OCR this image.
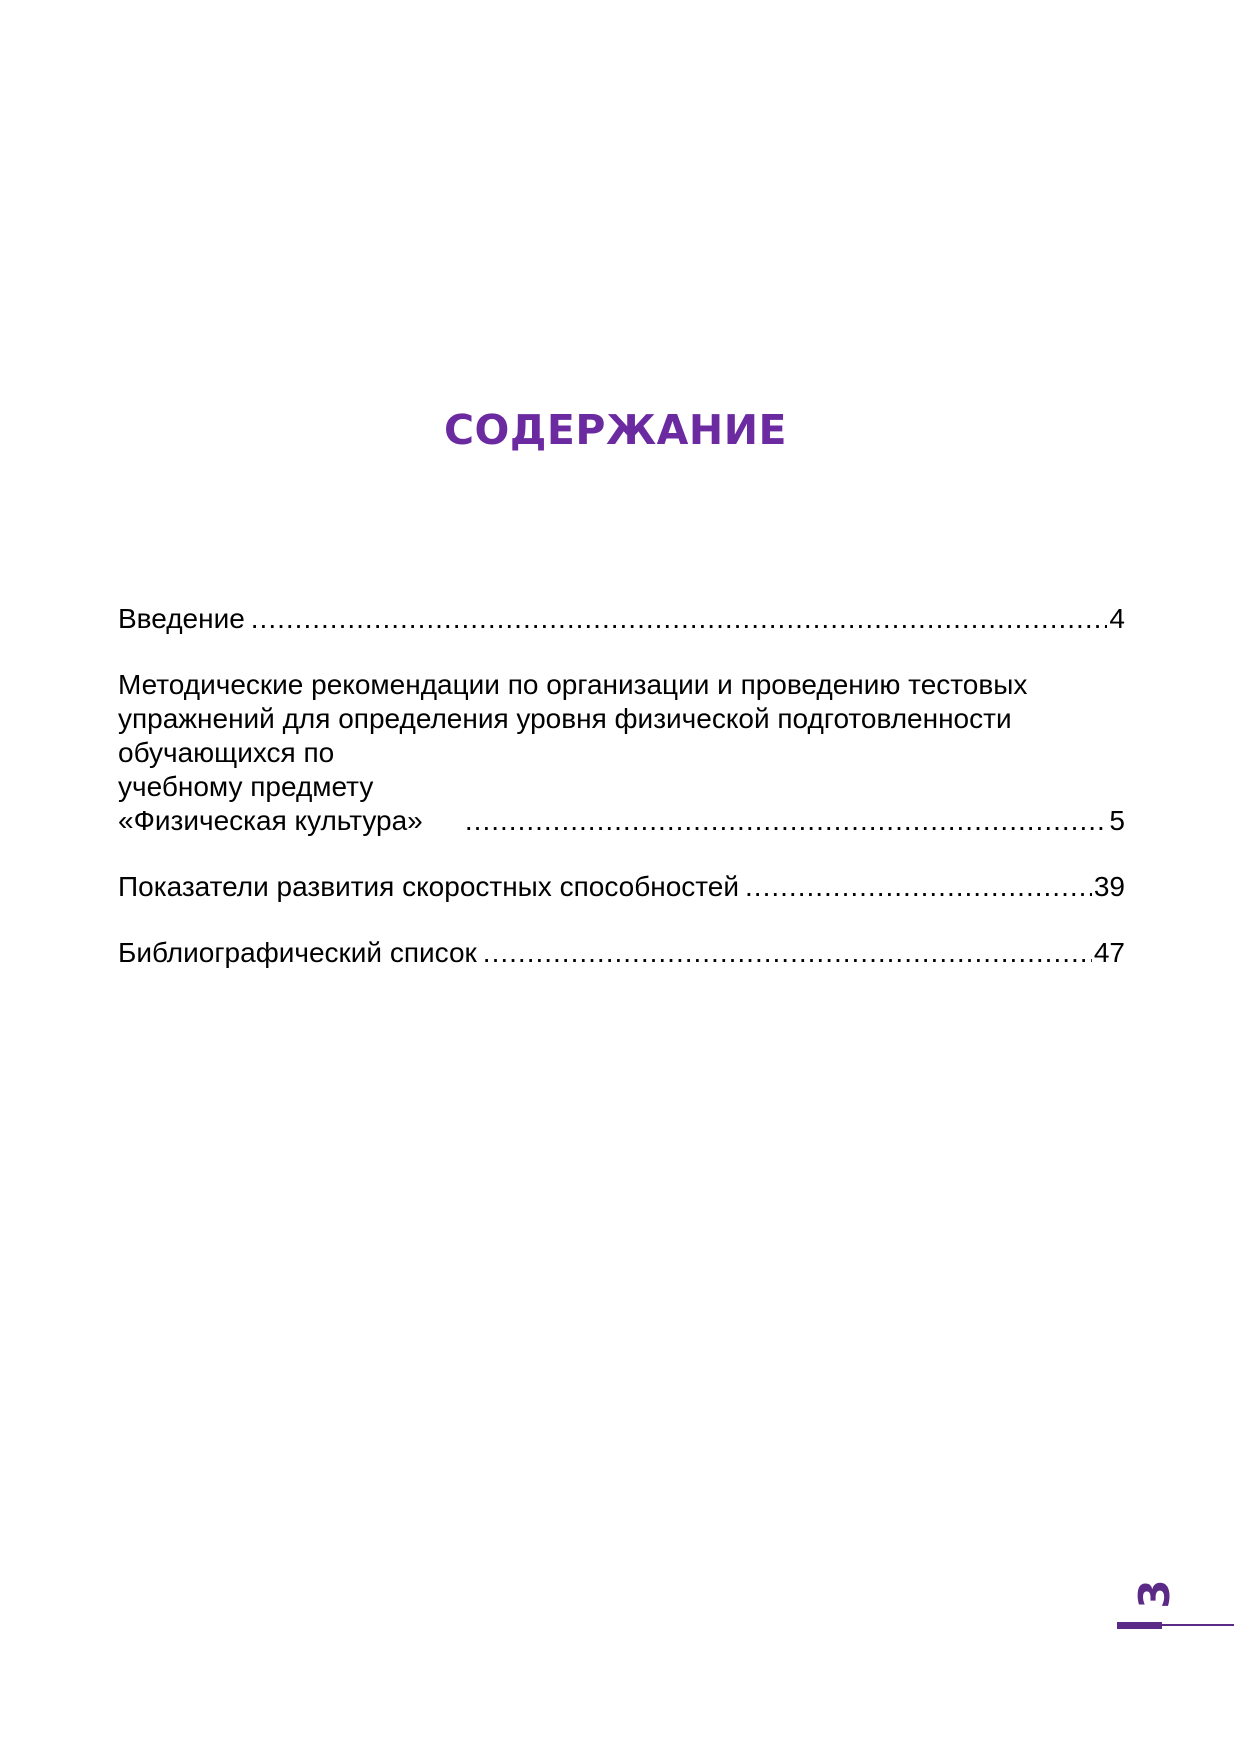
СОДЕРЖАНИЕ
Введение .....	4
Методические рекомендации по организации и проведению тестовых
упражнений для определения уровня физической подготовленности
обучающихся по учебному предмету «Физическая культура» .....	5
Показатели развития скоростных способностей .....	39
Библиографический список .....	47
3
